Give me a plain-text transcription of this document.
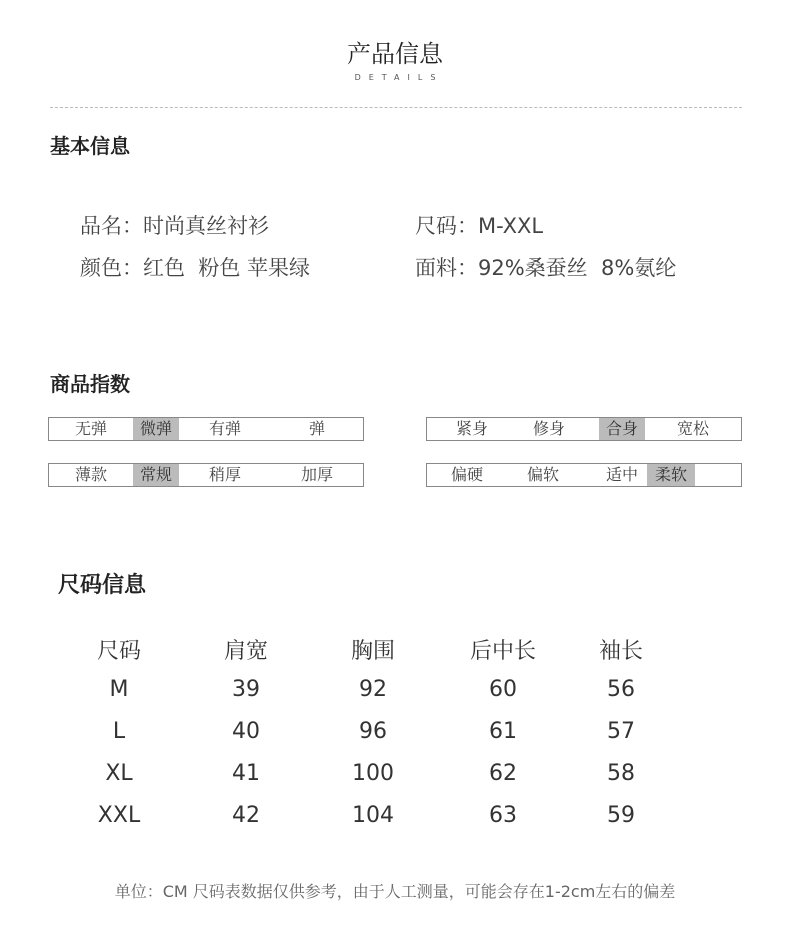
产品信息
DETAILS
基本信息
品名：时尚真丝衬衫	尺码：M-XXL
颜色：红色  粉色 苹果绿	面料：92%桑蚕丝  8%氨纶
商品指数
无弹	微弹	有弹	弹	紧身	修身	合身	宽松
薄款	常规	稍厚	加厚	偏硬	偏软	适中	柔软
尺码信息
尺码	肩宽	胸围	后中长	袖长
M	39	92	60	56
L	40	96	61	57
XL	41	100	62	58
XXL	42	104	63	59
单位：CM 尺码表数据仅供参考，由于人工测量，可能会存在1-2cm左右的偏差
